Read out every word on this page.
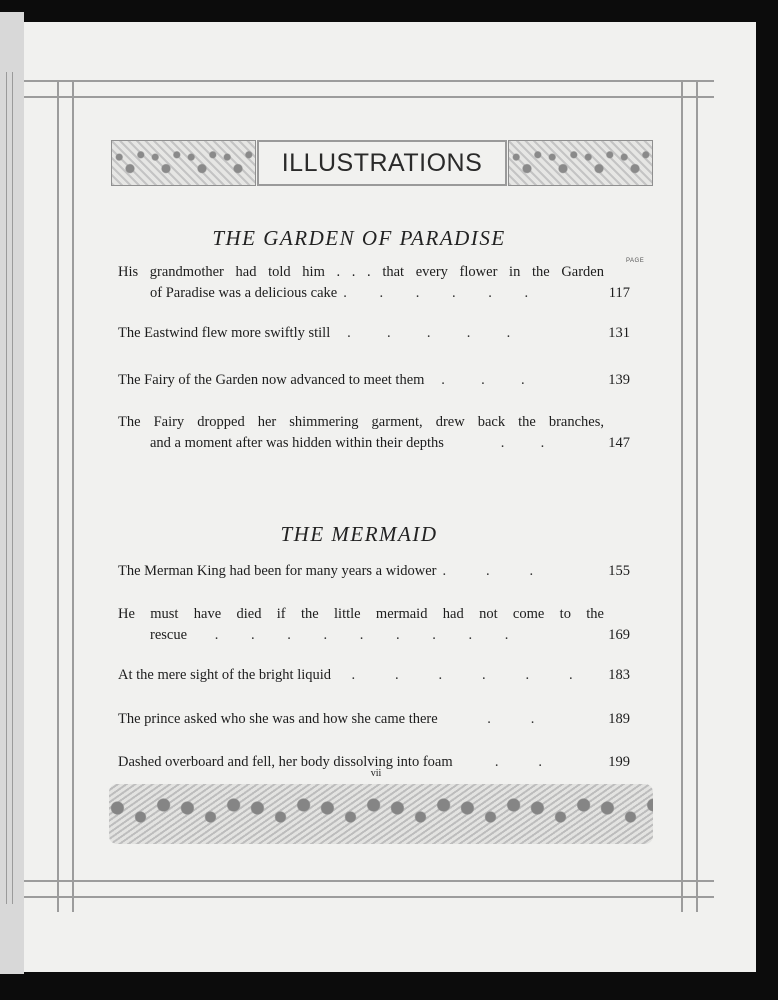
ILLUSTRATIONS
THE GARDEN OF PARADISE
PAGE
His grandmother had told him . . . that every flower in the Garden
of Paradise was a delicious cake .         .         .         .         .         .	117
The Eastwind flew more swiftly still .          .          .          .          .	131
The Fairy of the Garden now advanced to meet them .          .          .	139
The Fairy dropped her shimmering garment, drew back the branches,
and a moment after was hidden within their depths .          .	147
THE MERMAID
The Merman King had been for many years a widower .           .           .	155
He must have died if the little mermaid had not come to the
rescue .         .         .         .         .         .         .         .         .	169
At the mere sight of the bright liquid .           .           .           .           .           .	183
The prince asked who she was and how she came there .           .	189
Dashed overboard and fell, her body dissolving into foam .           .	199
vii
